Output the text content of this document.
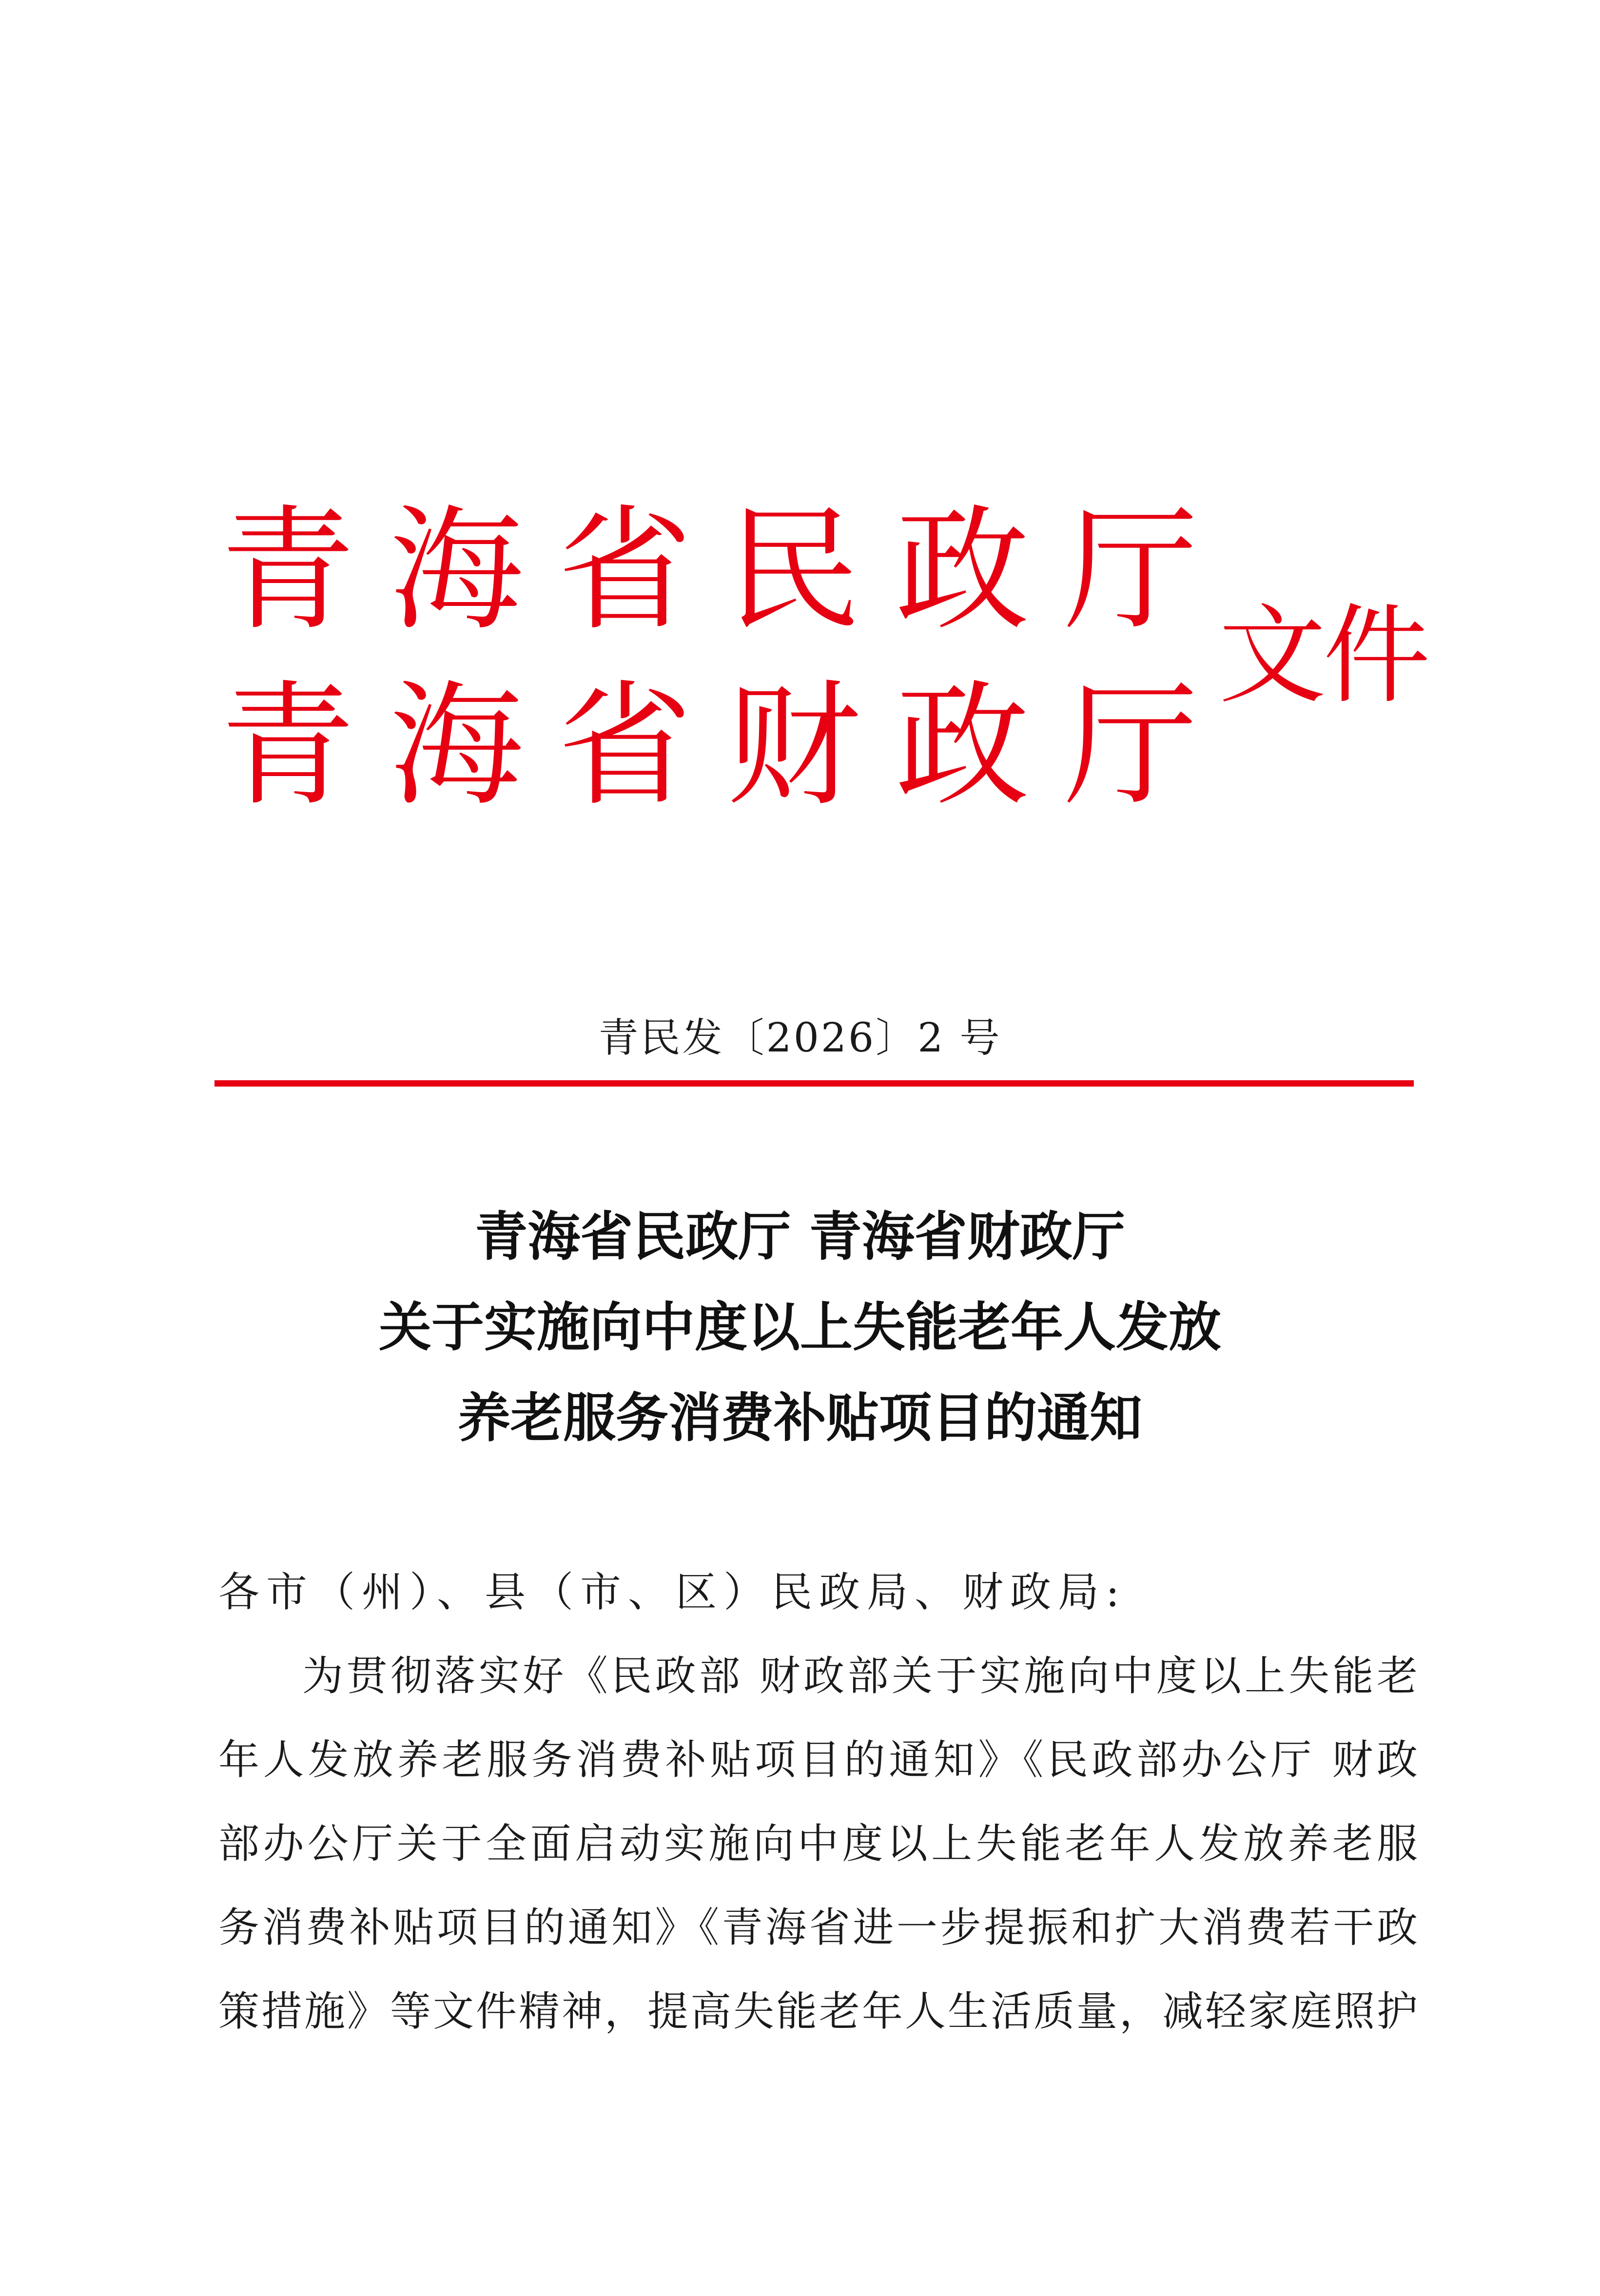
青 海 省 民 政 厅
青 海 省 财 政 厅
文件
青民发〔2026〕2 号
青海省民政厅 青海省财政厅
关于实施向中度以上失能老年人发放
养老服务消费补贴项目的通知
各市（州）、县（市、区）民政局、财政局:
为贯彻落实好《民政部 财政部关于实施向中度以上失能老
年人发放养老服务消费补贴项目的通知》《民政部办公厅 财政
部办公厅关于全面启动实施向中度以上失能老年人发放养老服
务消费补贴项目的通知》《青海省进一步提振和扩大消费若干政
策措施》等文件精神，提高失能老年人生活质量，减轻家庭照护
